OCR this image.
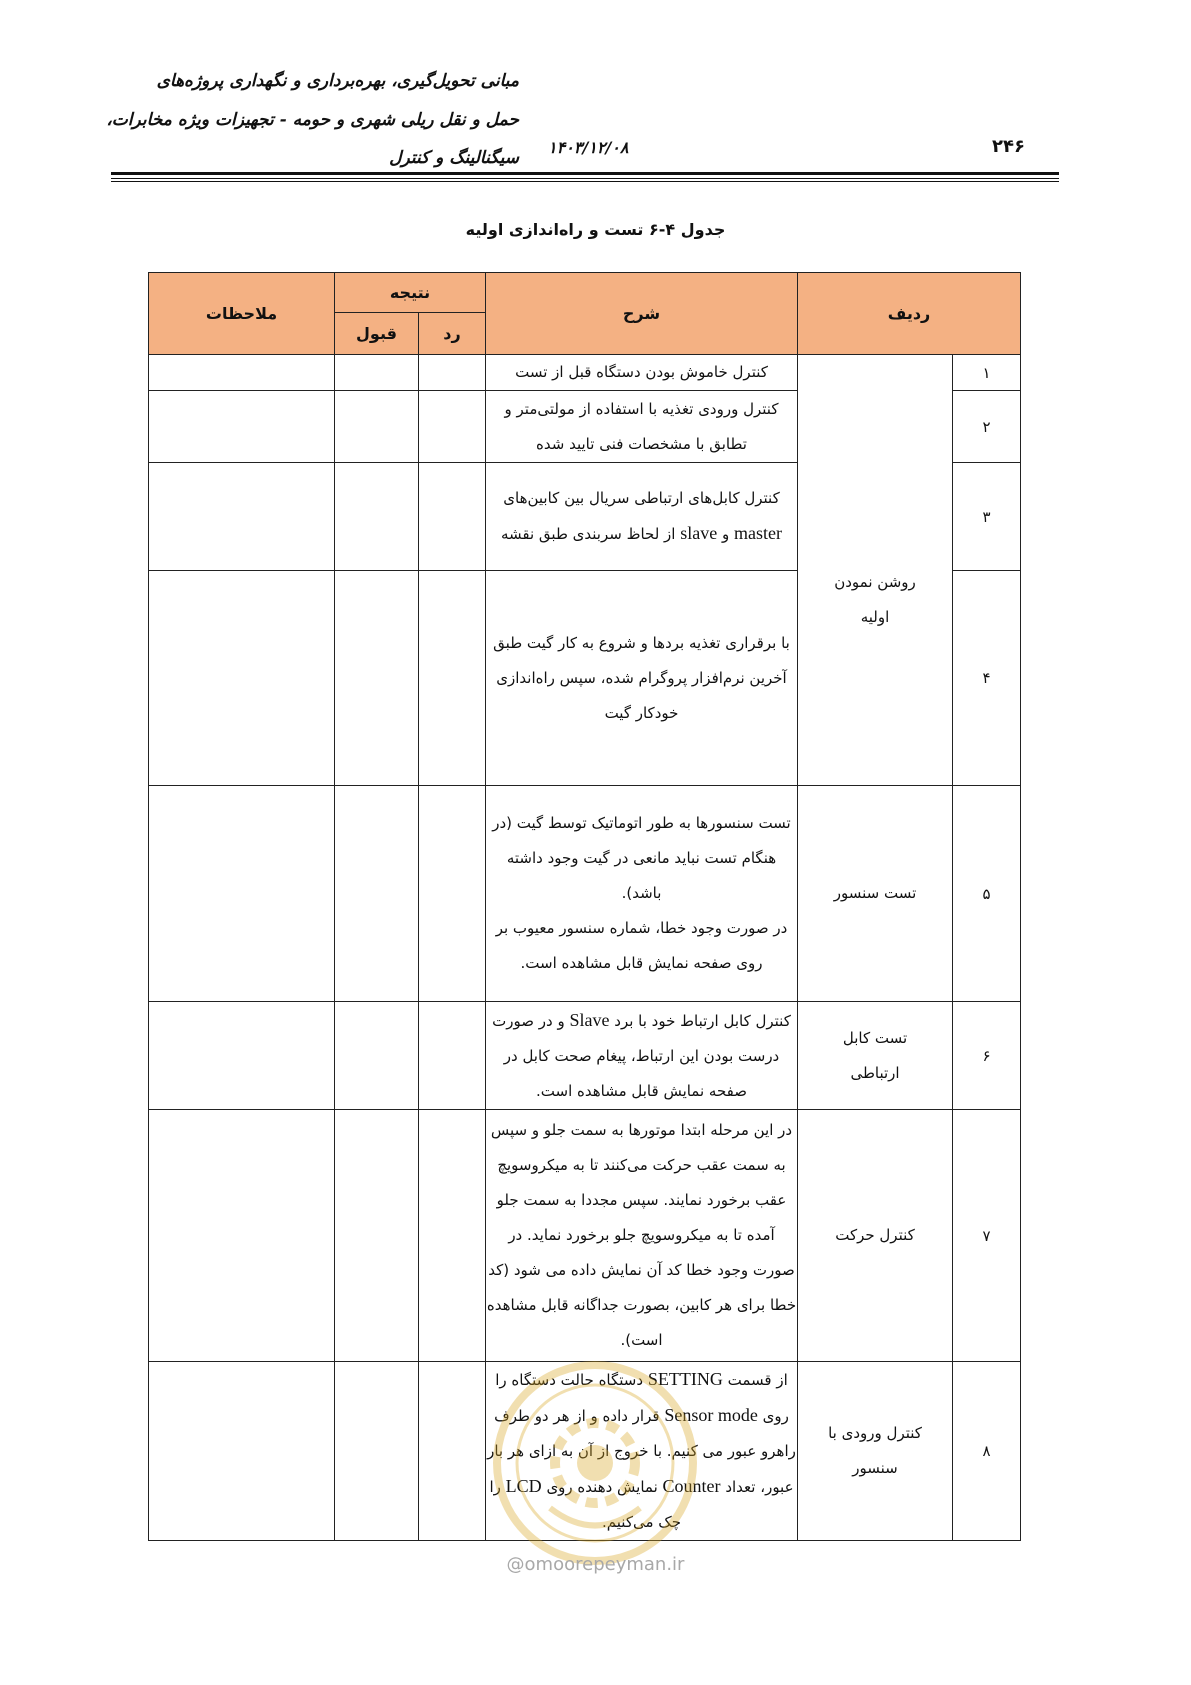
مبانی تحویل‌گیری، بهره‌برداری و نگهداری پروژه‌های
حمل و نقل ریلی شهری و حومه - تجهیزات ویژه مخابرات،
سیگنالینگ و کنترل
۱۴۰۳/۱۲/۰۸	۲۴۶
جدول ۴-۶ تست و راه‌اندازی اولیه
ردیف		شرح	نتیجه		ملاحظات
			رد	قبول	
۱	روشن نمودن اولیه	کنترل خاموش بودن دستگاه قبل از تست			
۲		کنترل ورودی تغذیه با استفاده از مولتی‌متر و تطابق با مشخصات فنی تایید شده			
۳		کنترل کابل‌های ارتباطی سریال بین کابین‌های master و slave از لحاظ سربندی طبق نقشه			
۴		با برقراری تغذیه بردها و شروع به کار گیت طبق آخرین نرم‌افزار پروگرام شده، سپس راه‌اندازی خودکار گیت			
۵	تست سنسور	تست سنسورها به طور اتوماتیک توسط گیت (در هنگام تست نباید مانعی در گیت وجود داشته باشد).
در صورت وجود خطا، شماره سنسور معیوب بر روی صفحه نمایش قابل مشاهده است.			

۶	تست کابل ارتباطی	کنترل کابل ارتباط خود با برد Slave و در صورت درست بودن این ارتباط، پیغام صحت کابل در صفحه نمایش قابل مشاهده است.			
۷	کنترل حرکت	در این مرحله ابتدا موتورها به سمت جلو و سپس به سمت عقب حرکت می‌کنند تا به میکروسویچ عقب برخورد نمایند. سپس مجددا به سمت جلو آمده تا به میکروسویچ جلو برخورد نماید. در صورت وجود خطا کد آن نمایش داده می شود (کد خطا برای هر کابین، بصورت جداگانه قابل مشاهده است).			
۸	کنترل ورودی با سنسور	از قسمت SETTING دستگاه حالت دستگاه را روی Sensor mode قرار داده و از هر دو طرف راهرو عبور می کنیم. با خروج از آن به ازای هر بار عبور، تعداد Counter نمایش دهنده روی LCD را چک می‌کنیم.			
@omoorepeyman.ir
